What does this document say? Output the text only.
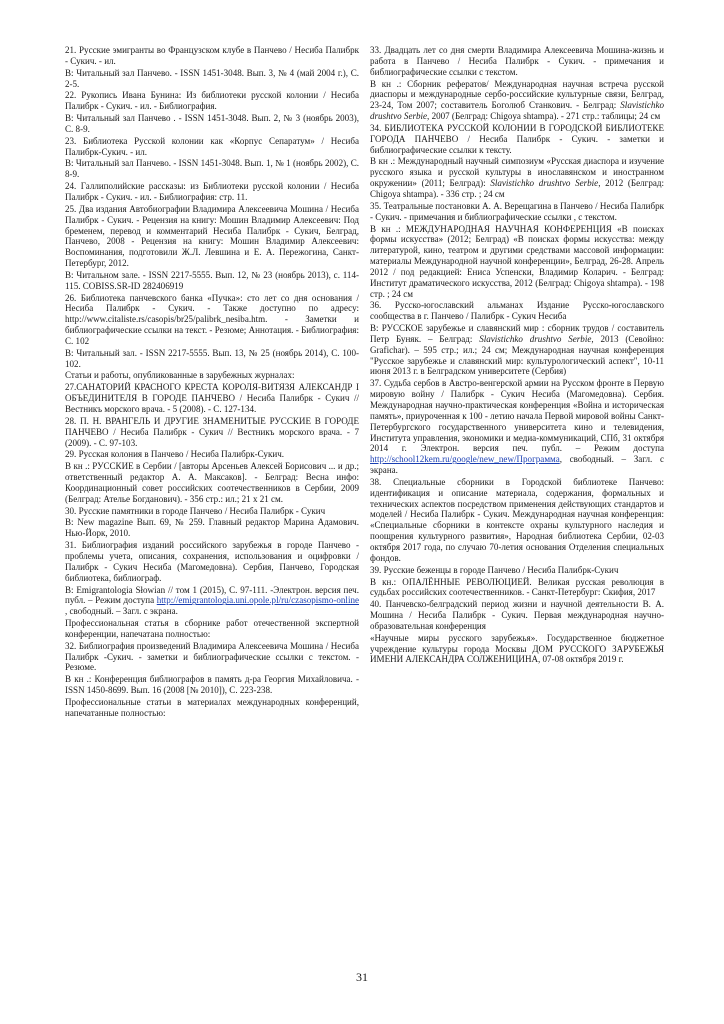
21. Русские эмигранты во Французском клубе в Панчево / Несиба Палибрк - Сукич. - ил.

В: Читальный зал Панчево. - ISSN 1451-3048. Вып. 3, № 4 (май 2004 г.), С. 2-5.

22. Рукопись Ивана Бунина: Из библиотеки русской колонии / Несиба Палибрк - Сукич. - ил. - Библиография.

В: Читальный зал Панчево . - ISSN 1451-3048. Вып. 2, № 3 (ноябрь 2003), С. 8-9.

23. Библиотека Русской колонии как «Корпус Сепаратум» / Несиба Палибрк-Сукич. - ил.

В: Читальный зал Панчево. - ISSN 1451-3048. Вып. 1, № 1 (ноябрь 2002), С. 8-9.

24. Галлиполийские рассказы: из Библиотеки русской колонии / Несиба Палибрк - Сукич. - ил. - Библиография: стр. 11.

25. Два издания Автобиографии Владимира Алексеевича Мошина / Несиба Палибрк - Сукич. - Рецензия на книгу: Мошин Владимир Алексеевич: Под бременем, перевод и комментарий Несиба Палибрк - Сукич, Белград, Панчево, 2008 - Рецензия на книгу: Мошин Владимир Алексеевич: Воспоминания, подготовили Ж.Л. Левшина и Е. А. Пережогина, Санкт-Петербург, 2012.

В: Читальном зале. - ISSN 2217-5555. Вып. 12, № 23 (ноябрь 2013), с. 114-115. COBISS.SR-ID 282406919

26. Библиотека панчевского банка «Пучка»: сто лет со дня основания / Несиба Палибрк - Сукич. - Также доступно по адресу: http://www.citaliste.rs/casopis/br25/palibrk_nesiba.htm. - Заметки и библиографические ссылки на текст. - Резюме; Аннотация. - Библиография: С. 102

В: Читальный зал. - ISSN 2217-5555. Вып. 13, № 25 (ноябрь 2014), С. 100-102.

Статьи и работы, опубликованные в зарубежных журналах:

27.САНАТОРИЙ КРАСНОГО КРЕСТА КОРОЛЯ-ВИТЯЗЯ АЛЕКСАНДР I ОБЪЕДИНИТЕЛЯ В ГОРОДЕ ПАНЧЕВО / Несиба Палибрк - Сукич // Вестникъ морского врача. - 5 (2008). - С. 127-134.

28. П. Н. ВРАНГЕЛЬ И ДРУГИЕ ЗНАМЕНИТЫЕ РУССКИЕ В ГОРОДЕ ПАНЧЕВО / Несиба Палибрк - Сукич // Вестникъ морского врача. - 7 (2009). - С. 97-103.

29. Русская колония в Панчево / Несиба Палибрк-Сукич.

В кн .: РУССКИЕ в Сербии / [авторы Арсеньев Алексей Борисович ... и др.; ответственный редактор А. А. Максаков]. - Белград: Весна инфо: Координационный совет российских соотечественников в Сербии, 2009 (Белград: Ателье Богданович). - 356 стр.: ил.; 21 x 21 см.

30. Русские памятники в городе Панчево / Несиба Палибрк - Сукич

В: New magazine Вып. 69, № 259. Главный редактор Марина Адамович. Нью-Йорк, 2010.

31. Библиография изданий российского зарубежья в городе Панчево - проблемы учета, описания, сохранения, использования и оцифровки / Палибрк - Сукич Несиба (Магомедовна). Сербия, Панчево, Городская библиотека, библиограф.

В: Emigrantologia Słowian // том 1 (2015), С. 97-111. -Электрон. версия печ. публ. – Режим доступа http://emigrantologia.uni.opole.pl/ru/czasopismo-online , свободный. – Загл. с экрана.

Профессиональная статья в сборнике работ отечественной экспертной конференции, напечатана полностью:

32. Библиография произведений Владимира Алексеевича Мошина / Несиба Палибрк -Сукич. - заметки и библиографические ссылки с текстом. - Резюме.

В кн .: Конференция библиографов в память д-ра Георгия Михайловича. - ISSN 1450-8699. Вып. 16 (2008 [№ 2010]), С. 223-238.

Профессиональные статьи в материалах международных конференций, напечатанные полностью:

33. Двадцать лет со дня смерти Владимира Алексеевича Мошина-жизнь и работа в Панчево / Несиба Палибрк - Сукич. - примечания и библиографические ссылки с текстом.

В кн .: Сборник рефератов/ Международная научная встреча русской диаспоры и международные сербо-российские культурные связи, Белград, 23-24, Том 2007; составитель Боголюб Станкович. - Белград: Slavistichko drushtvo Serbie, 2007 (Белград: Chigoya shtampa). - 271 стр.: таблицы; 24 см

34. БИБЛИОТЕКА РУССКОЙ КОЛОНИИ В ГОРОДСКОЙ БИБЛИОТЕКЕ ГОРОДА ПАНЧЕВО / Несиба Палибрк - Сукич. - заметки и библиографические ссылки к тексту.

В кн .: Международный научный симпозиум «Русская диаспора и изучение русского языка и русской культуры в инославянском и иностранном окружении» (2011; Белград): Slavistichko drushtvo Serbie, 2012 (Белград: Chigoya shtampa). - 336 стр. ; 24 см

35. Театральные постановки А. А. Верещагина в Панчево / Несиба Палибрк - Сукич. - примечания и библиографические ссылки , с текстом.

В кн .: МЕЖДУНАРОДНАЯ НАУЧНАЯ КОНФЕРЕНЦИЯ «В поисках формы искусства» (2012; Белград) «В поисках формы искусства: между литературой, кино, театром и другими средствами массовой информации: материалы Международной научной конференции», Белград, 26-28. Апрель 2012 / под редакцией: Ениса Успенски, Владимир Коларич. - Белград: Институт драматического искусства, 2012 (Белград: Chigoya shtampa). - 198 стр. ; 24 см

36. Русско-югославский альманах Издание Русско-югославского сообщества в г. Панчево / Палибрк - Сукич Несиба

В: РУССКОЕ зарубежье и славянский мир : сборник трудов / составитель Петр Буняк. – Белград: Slavistichko drushtvo Serbie, 2013 (Севойно: Grafichar). – 595 стр.; ил.; 24 см; Международная научная конференция "Русское зарубежье и славянский мир: культурологический аспект", 10-11 июня 2013 г. в Белградском университете (Сербия)

37. Судьба сербов в Австро-венгерской армии на Русском фронте в Первую мировую войну / Палибрк - Сукич Несиба (Магомедовна). Сербия. Международная научно-практическая конференция «Война и историческая память», приуроченная к 100 - летию начала Первой мировой войны Санкт-Петербургского государственного университета кино и телевидения, Института управления, экономики и медиа-коммуникаций, СПб, 31 октября 2014 г. Электрон. версия печ. публ. – Режим доступа http://school12kem.ru/google/new_new/Программа, свободный. – Загл. с экрана.

38. Специальные сборники в Городской библиотеке Панчево: идентификация и описание материала, содержания, формальных и технических аспектов посредством применения действующих стандартов и моделей / Несиба Палибрк - Сукич. Международная научная конференция: «Специальные сборники в контексте охраны культурного наследия и поощрения культурного развития», Народная библиотека Сербии, 02-03 октября 2017 года, по случаю 70-летия основания Отделения специальных фондов.

39. Русские беженцы в городе Панчево / Несиба Палибрк-Сукич

В кн.: ОПАЛЁННЫЕ РЕВОЛЮЦИЕЙ. Великая русская революция в судьбах российских соотечественников. - Санкт-Петербург: Скифия, 2017

40. Панчевско-белградский период жизни и научной деятельности В. А. Мошина / Несиба Палибрк - Сукич. Первая международная научно-образовательная конференция

«Научные миры русского зарубежья». Государственное бюджетное учреждение культуры города Москвы ДОМ РУССКОГО ЗАРУБЕЖЬЯ ИМЕНИ АЛЕКСАНДРА СОЛЖЕНИЦИНА, 07-08 октября 2019 г.

31
